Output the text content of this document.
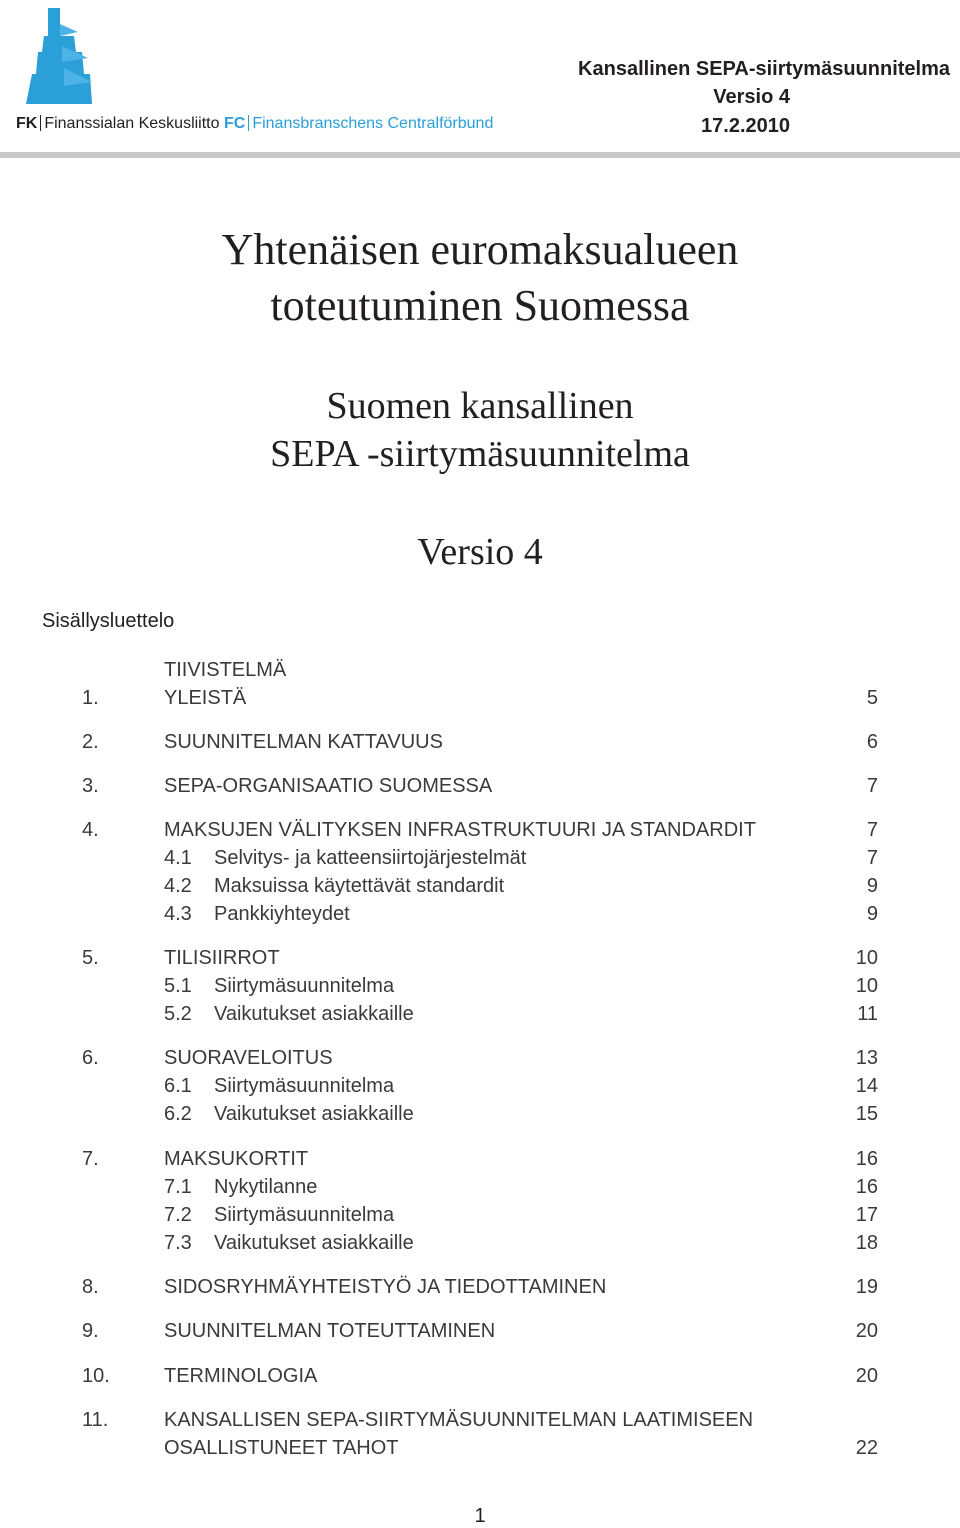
FK Finanssialan Keskusliitto FC Finansbranschens Centralförbund
Kansallinen SEPA-siirtymäsuunnitelma
Versio 4
17.2.2010
Yhtenäisen euromaksualueen
toteutuminen Suomessa
Suomen kansallinen
SEPA -siirtymäsuunnitelma
Versio 4
Sisällysluettelo
TIIVISTELMÄ
1.	YLEISTÄ	5
2.	SUUNNITELMAN KATTAVUUS	6
3.	SEPA-ORGANISAATIO SUOMESSA	7
4.	MAKSUJEN VÄLITYKSEN INFRASTRUKTUURI JA STANDARDIT	7
4.1 Selvitys- ja katteensiirtojärjestelmät	7
4.2 Maksuissa käytettävät standardit	9
4.3 Pankkiyhteydet	9
5.	TILISIIRROT	10
5.1 Siirtymäsuunnitelma	10
5.2 Vaikutukset asiakkaille	11
6.	SUORAVELOITUS	13
6.1 Siirtymäsuunnitelma	14
6.2 Vaikutukset asiakkaille	15
7.	MAKSUKORTIT	16
7.1 Nykytilanne	16
7.2 Siirtymäsuunnitelma	17
7.3 Vaikutukset asiakkaille	18
8.	SIDOSRYHMÄYHTEISTYÖ JA TIEDOTTAMINEN	19
9.	SUUNNITELMAN TOTEUTTAMINEN	20
10.	TERMINOLOGIA	20
11.	KANSALLISEN SEPA-SIIRTYMÄSUUNNITELMAN LAATIMISEEN
OSALLISTUNEET TAHOT	22
1
